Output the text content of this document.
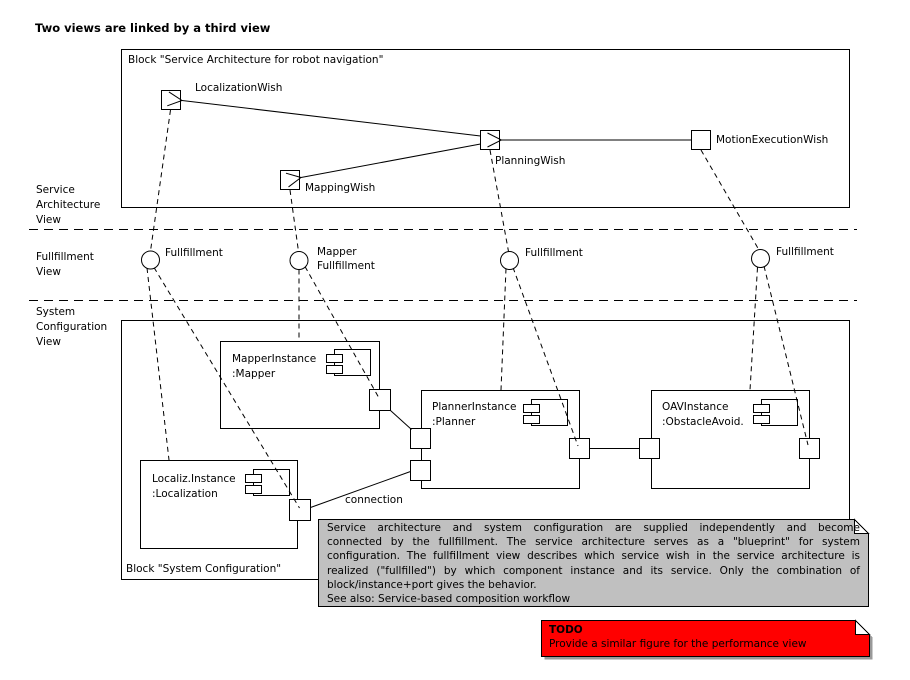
Two views are linked by a third view
Service
Architecture
View
Fullfillment
View
System
Configuration
View
Block "Service Architecture for robot navigation"
Block "System Configuration"
LocalizationWish
MappingWish
PlanningWish
MotionExecutionWish
Fullfillment	Mapper
Fullfillment
Fullfillment	Fullfillment
MapperInstance
:Mapper
Localiz.Instance
:Localization
PlannerInstance
:Planner
OAVInstance
:ObstacleAvoid.
connection
Service architecture and system configuration are supplied independently and become
connected by the fullfillment. The service architecture serves as a "blueprint" for system
configuration. The fullfillment view describes which service wish in the service architecture is
realized ("fullfilled") by which component instance and its service. Only the combination of
block/instance+port gives the behavior.
See also: Service-based composition workflow
TODO
Provide a similar figure for the performance view
